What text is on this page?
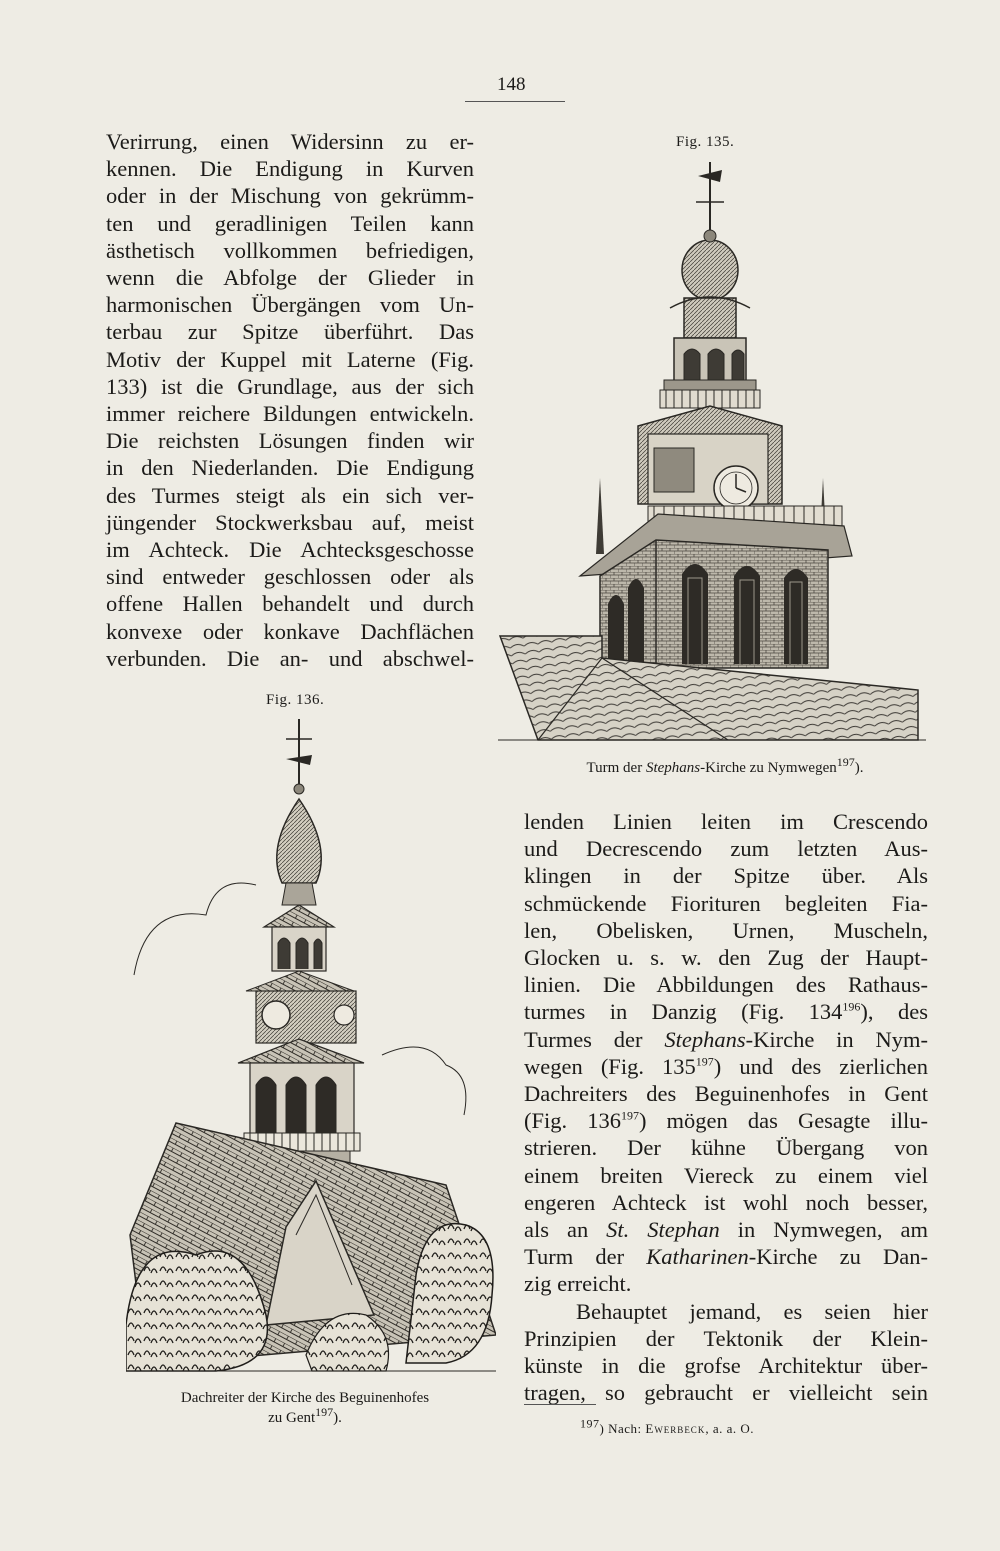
148
Verirrung, einen Widersinn zu er-
kennen. Die Endigung in Kurven
oder in der Mischung von gekrümm-
ten und geradlinigen Teilen kann
ästhetisch vollkommen befriedigen,
wenn die Abfolge der Glieder in
harmonischen Übergängen vom Un-
terbau zur Spitze überführt. Das
Motiv der Kuppel mit Laterne (Fig.
133) ist die Grundlage, aus der sich
immer reichere Bildungen entwickeln.
Die reichsten Lösungen finden wir
in den Niederlanden. Die Endigung
des Turmes steigt als ein sich ver-
jüngender Stockwerksbau auf, meist
im Achteck. Die Achtecksgeschosse
sind entweder geschlossen oder als
offene Hallen behandelt und durch
konvexe oder konkave Dachflächen
verbunden. Die an- und abschwel-
Fig. 135.
Turm der Stephans-Kirche zu Nymwegen$^{197}$).
Fig. 136.
Dachreiter der Kirche des Beguinenhofes
zu Gent$^{197}$).
lenden Linien leiten im Crescendo
und Decrescendo zum letzten Aus-
klingen in der Spitze über. Als
schmückende Fiorituren begleiten Fia-
len, Obelisken, Urnen, Muscheln,
Glocken u. s. w. den Zug der Haupt-
linien. Die Abbildungen des Rathaus-
turmes in Danzig (Fig. $134^{196}$), des
Turmes der Stephans-Kirche in Nym-
wegen (Fig. $135^{197}$) und des zierlichen
Dachreiters des Beguinenhofes in Gent
(Fig. $136^{197}$) mögen das Gesagte illu-
strieren. Der kühne Übergang von
einem breiten Viereck zu einem viel
engeren Achteck ist wohl noch besser,
als an St. Stephan in Nymwegen, am
Turm der Katharinen-Kirche zu Dan-
zig erreicht.
Behauptet jemand, es seien hier
Prinzipien der Tektonik der Klein-
künste in die grofse Architektur über-
tragen, so gebraucht er vielleicht sein
$^{197}$) Nach: Ewerbeck, a. a. O.
